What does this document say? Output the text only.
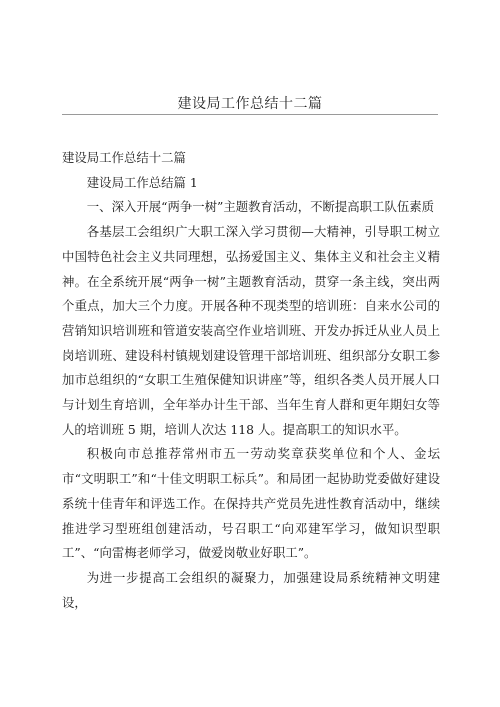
建设局工作总结十二篇

建设局工作总结十二篇

建设局工作总结篇 1

一、深入开展“两争一树”主题教育活动，不断提高职工队伍素质

各基层工会组织广大职工深入学习贯彻—大精神，引导职工树立中国特色社会主义共同理想，弘扬爱国主义、集体主义和社会主义精神。在全系统开展“两争一树”主题教育活动，贯穿一条主线，突出两个重点，加大三个力度。开展各种不现类型的培训班：自来水公司的营销知识培训班和管道安装高空作业培训班、开发办拆迁从业人员上岗培训班、建设科村镇规划建设管理干部培训班、组织部分女职工参加市总组织的“女职工生殖保健知识讲座”等，组织各类人员开展人口与计划生育培训，全年举办计生干部、当年生育人群和更年期妇女等人的培训班 5 期，培训人次达 118 人。提高职工的知识水平。

积极向市总推荐常州市五一劳动奖章获奖单位和个人、金坛市“文明职工”和“十佳文明职工标兵”。和局团一起协助党委做好建设系统十佳青年和评选工作。在保持共产党员先进性教育活动中，继续推进学习型班组创建活动，号召职工“向邓建军学习，做知识型职工”、“向雷梅老师学习，做爱岗敬业好职工”。

为进一步提高工会组织的凝聚力，加强建设局系统精神文明建设，
